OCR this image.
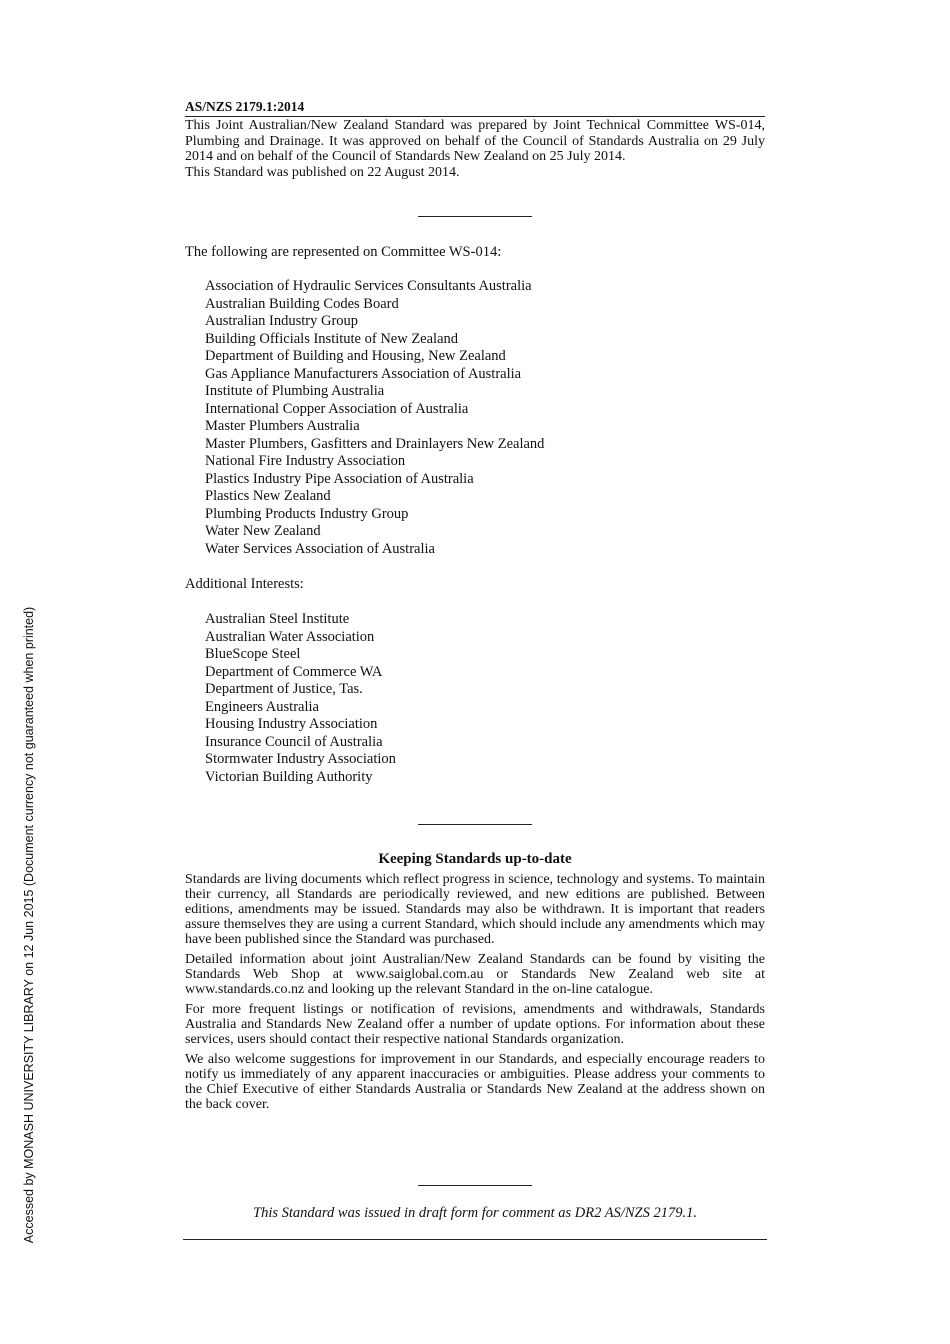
AS/NZS 2179.1:2014

This Joint Australian/New Zealand Standard was prepared by Joint Technical Committee WS-014, Plumbing and Drainage. It was approved on behalf of the Council of Standards Australia on 29 July 2014 and on behalf of the Council of Standards New Zealand on 25 July 2014.

This Standard was published on 22 August 2014.

The following are represented on Committee WS-014:

Association of Hydraulic Services Consultants Australia
Australian Building Codes Board
Australian Industry Group
Building Officials Institute of New Zealand
Department of Building and Housing, New Zealand
Gas Appliance Manufacturers Association of Australia
Institute of Plumbing Australia
International Copper Association of Australia
Master Plumbers Australia
Master Plumbers, Gasfitters and Drainlayers New Zealand
National Fire Industry Association
Plastics Industry Pipe Association of Australia
Plastics New Zealand
Plumbing Products Industry Group
Water New Zealand
Water Services Association of Australia

Additional Interests:

Australian Steel Institute
Australian Water Association
BlueScope Steel
Department of Commerce WA
Department of Justice, Tas.
Engineers Australia
Housing Industry Association
Insurance Council of Australia
Stormwater Industry Association
Victorian Building Authority
Keeping Standards up-to-date

Standards are living documents which reflect progress in science, technology and systems. To maintain their currency, all Standards are periodically reviewed, and new editions are published. Between editions, amendments may be issued. Standards may also be withdrawn. It is important that readers assure themselves they are using a current Standard, which should include any amendments which may have been published since the Standard was purchased.

Detailed information about joint Australian/New Zealand Standards can be found by visiting the Standards Web Shop at www.saiglobal.com.au or Standards New Zealand web site at www.standards.co.nz and looking up the relevant Standard in the on-line catalogue.

For more frequent listings or notification of revisions, amendments and withdrawals, Standards Australia and Standards New Zealand offer a number of update options. For information about these services, users should contact their respective national Standards organization.

We also welcome suggestions for improvement in our Standards, and especially encourage readers to notify us immediately of any apparent inaccuracies or ambiguities. Please address your comments to the Chief Executive of either Standards Australia or Standards New Zealand at the address shown on the back cover.

This Standard was issued in draft form for comment as DR2 AS/NZS 2179.1.

Accessed by MONASH UNIVERSITY LIBRARY on 12 Jun 2015 (Document currency not guaranteed when printed)
